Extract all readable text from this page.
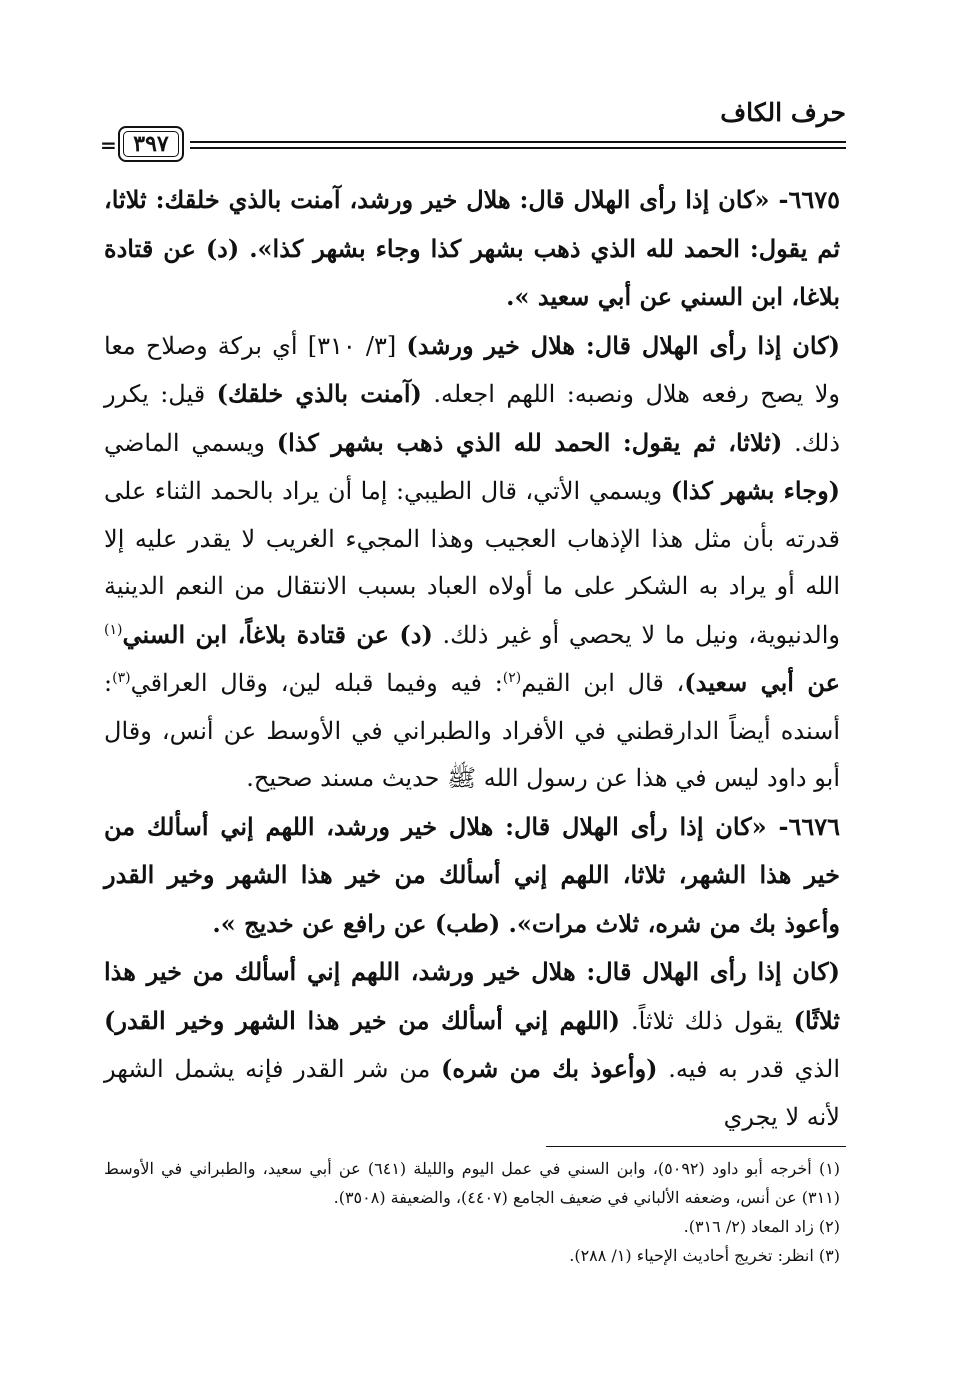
حرف الكاف
٣٩٧
=

٦٦٧٥- «كان إذا رأى الهلال قال: هلال خير ورشد، آمنت بالذي خلقك: ثلاثا، ثم يقول: الحمد لله الذي ذهب بشهر كذا وجاء بشهر كذا». (د) عن قتادة بلاغا، ابن السني عن أبي سعيد ».

(كان إذا رأى الهلال قال: هلال خير ورشد) [٣/ ٣١٠] أي بركة وصلاح معا ولا يصح رفعه هلال ونصبه: اللهم اجعله. (آمنت بالذي خلقك) قيل: يكرر ذلك. (ثلاثا، ثم يقول: الحمد لله الذي ذهب بشهر كذا) ويسمي الماضي (وجاء بشهر كذا) ويسمي الأتي، قال الطيبي: إما أن يراد بالحمد الثناء على قدرته بأن مثل هذا الإذهاب العجيب وهذا المجيء الغريب لا يقدر عليه إلا الله أو يراد به الشكر على ما أولاه العباد بسبب الانتقال من النعم الدينية والدنيوية، ونيل ما لا يحصي أو غير ذلك. (د) عن قتادة بلاغاً، ابن السني$^{(١)}$ عن أبي سعيد)، قال ابن القيم$^{(٢)}$: فيه وفيما قبله لين، وقال العراقي$^{(٣)}$: أسنده أيضاً الدارقطني في الأفراد والطبراني في الأوسط عن أنس، وقال أبو داود ليس في هذا عن رسول الله ﷺ حديث مسند صحيح.

٦٦٧٦- «كان إذا رأى الهلال قال: هلال خير ورشد، اللهم إني أسألك من خير هذا الشهر، ثلاثا، اللهم إني أسألك من خير هذا الشهر وخير القدر وأعوذ بك من شره، ثلاث مرات». (طب) عن رافع عن خديج ».

(كان إذا رأى الهلال قال: هلال خير ورشد، اللهم إني أسألك من خير هذا ثلاثًا) يقول ذلك ثلاثاً. (اللهم إني أسألك من خير هذا الشهر وخير القدر) الذي قدر به فيه. (وأعوذ بك من شره) من شر القدر فإنه يشمل الشهر لأنه لا يجري

(١) أخرجه أبو داود (٥٠٩٢)، وابن السني في عمل اليوم والليلة (٦٤١) عن أبي سعيد، والطبراني في الأوسط (٣١١) عن أنس، وضعفه الألباني في ضعيف الجامع (٤٤٠٧)، والضعيفة (٣٥٠٨).

(٢) زاد المعاد (٢/ ٣١٦).

(٣) انظر: تخريج أحاديث الإحياء (١/ ٢٨٨).
